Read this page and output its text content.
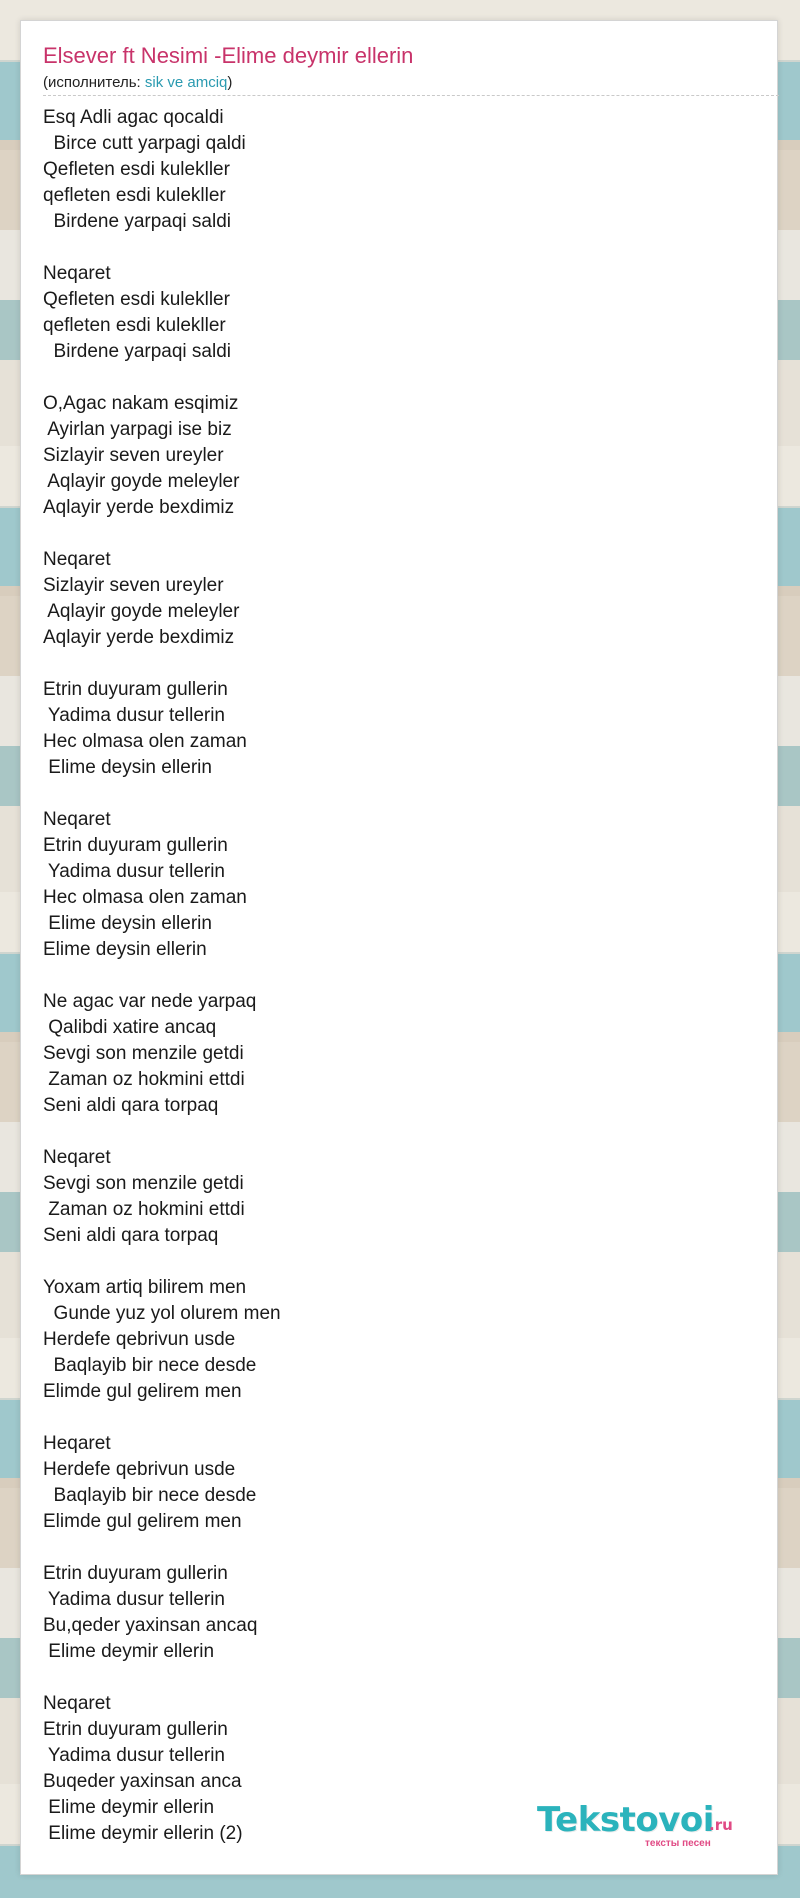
Elsever ft Nesimi -Elime deymir ellerin
(исполнитель: sik ve amciq)
Esq Adli agac qocaldi
Birce cutt yarpagi qaldi
Qefleten esdi kulekller
qefleten esdi kulekller
Birdene yarpaqi saldi
Neqaret
Qefleten esdi kulekller
qefleten esdi kulekller
Birdene yarpaqi saldi
O,Agac nakam esqimiz
Ayirlan yarpagi ise biz
Sizlayir seven ureyler
Aqlayir goyde meleyler
Aqlayir yerde bexdimiz
Neqaret
Sizlayir seven ureyler
Aqlayir goyde meleyler
Aqlayir yerde bexdimiz
Etrin duyuram gullerin
Yadima dusur tellerin
Hec olmasa olen zaman
Elime deysin ellerin
Neqaret
Etrin duyuram gullerin
Yadima dusur tellerin
Hec olmasa olen zaman
Elime deysin ellerin
Elime deysin ellerin
Ne agac var nede yarpaq
Qalibdi xatire ancaq
Sevgi son menzile getdi
Zaman oz hokmini ettdi
Seni aldi qara torpaq
Neqaret
Sevgi son menzile getdi
Zaman oz hokmini ettdi
Seni aldi qara torpaq
Yoxam artiq bilirem men
Gunde yuz yol olurem men
Herdefe qebrivun usde
Baqlayib bir nece desde
Elimde gul gelirem men
Heqaret
Herdefe qebrivun usde
Baqlayib bir nece desde
Elimde gul gelirem men
Etrin duyuram gullerin
Yadima dusur tellerin
Bu,qeder yaxinsan ancaq
Elime deymir ellerin
Neqaret
Etrin duyuram gullerin
Yadima dusur tellerin
Buqeder yaxinsan anca
Elime deymir ellerin
Elime deymir ellerin (2)	Tekstovoi
.ru
тексты песен
